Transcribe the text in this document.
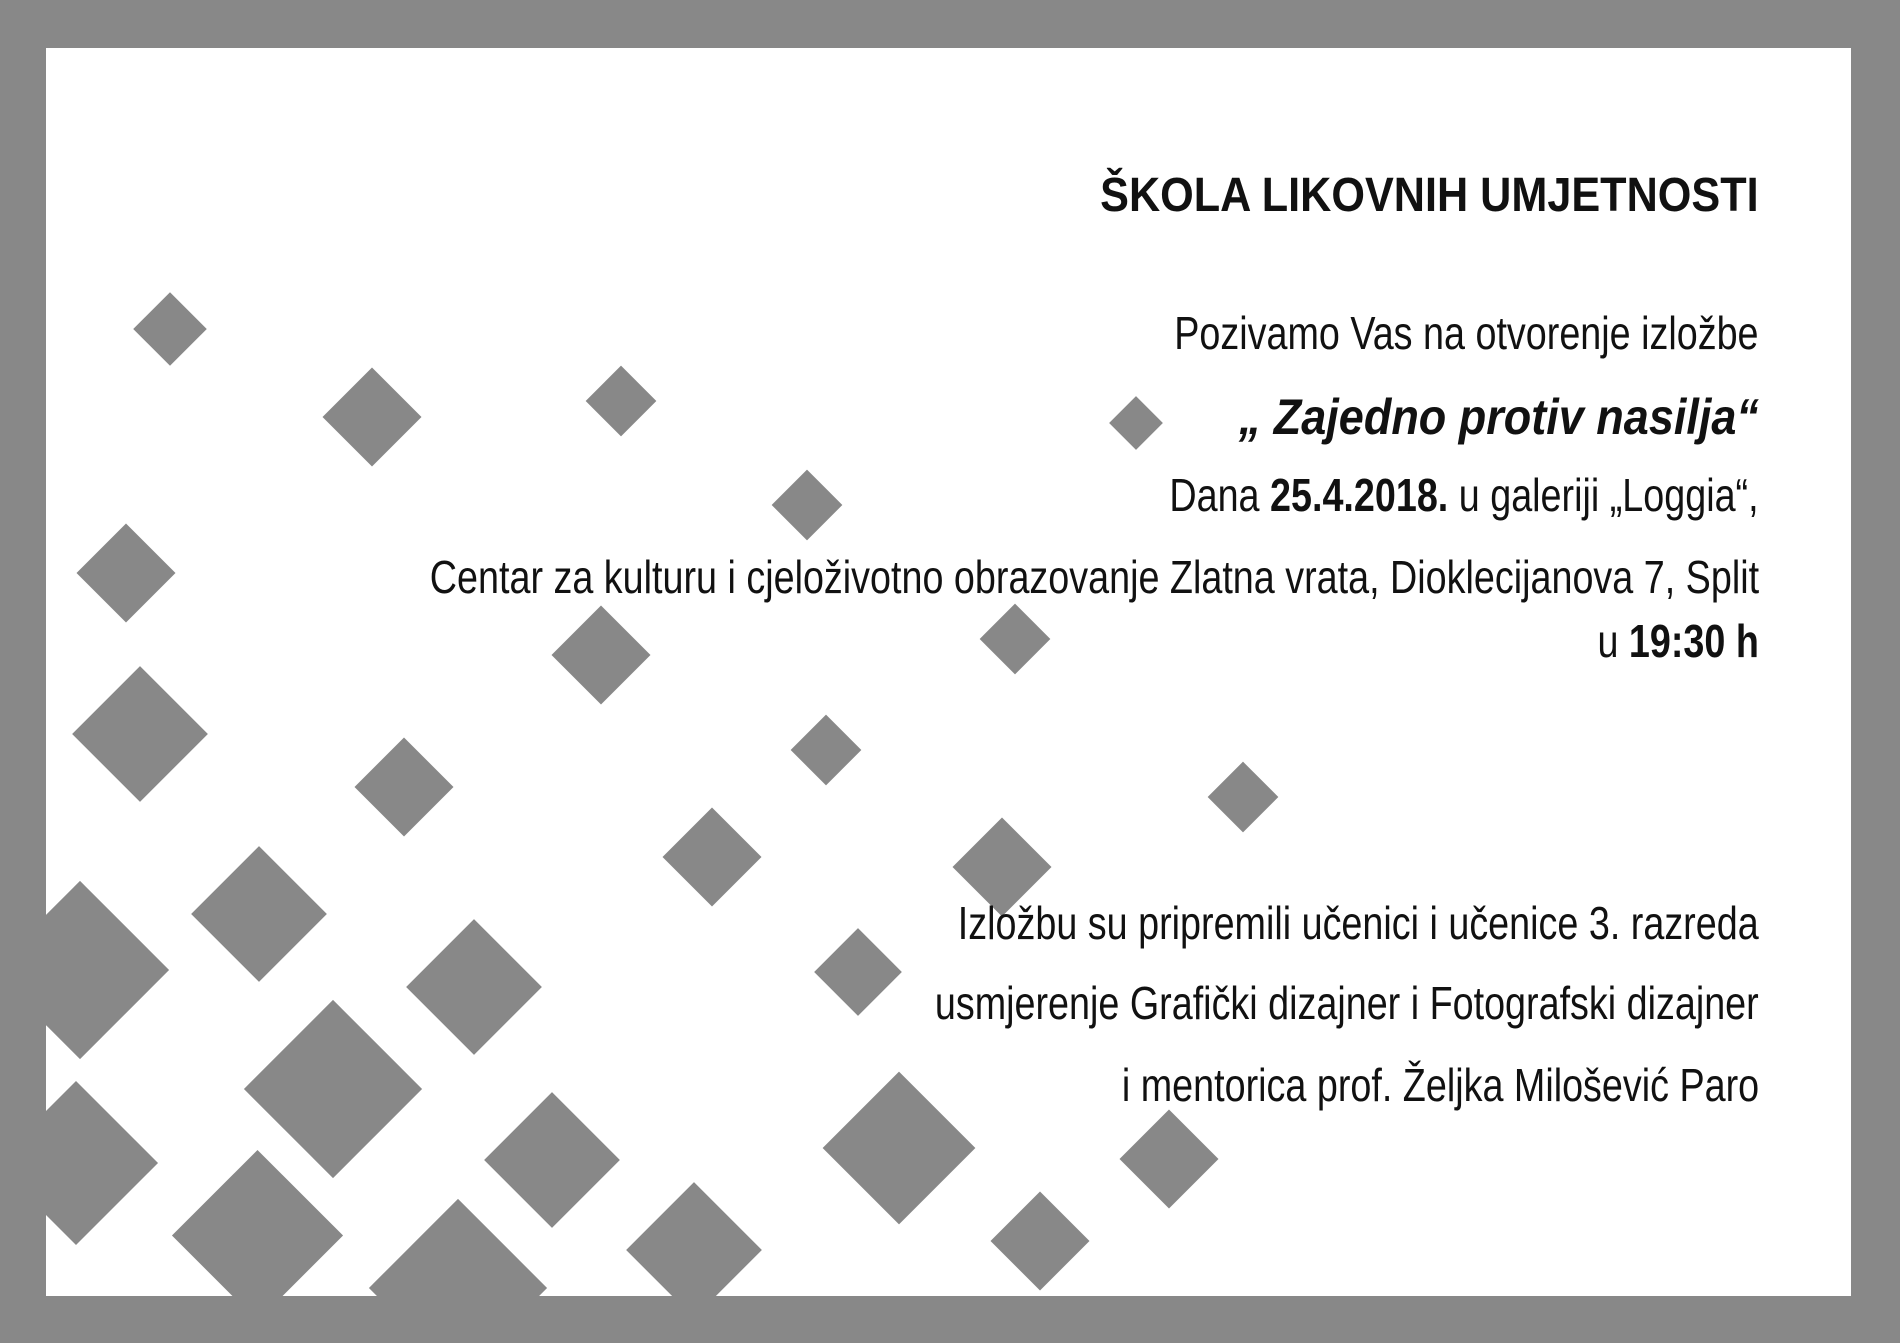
ŠKOLA LIKOVNIH UMJETNOSTI
Pozivamo Vas na otvorenje izložbe
„ Zajedno protiv nasilja“
Dana 25.4.2018. u galeriji „Loggia“,
Centar za kulturu i cjeloživotno obrazovanje Zlatna vrata, Dioklecijanova 7, Split
u 19:30 h
Izložbu su pripremili učenici i učenice 3. razreda
usmjerenje Grafički dizajner i Fotografski dizajner
i mentorica prof. Željka Milošević Paro
